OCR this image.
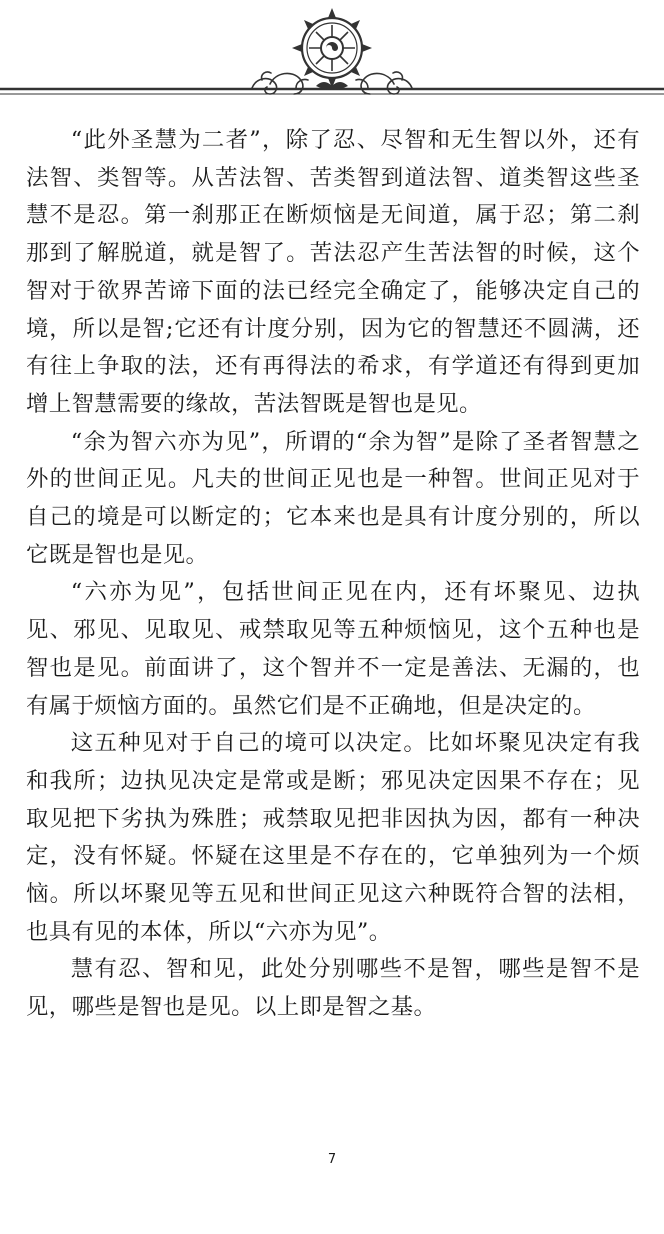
“此外圣慧为二者”，除了忍、尽智和无生智以外，还有法智、类智等。从苦法智、苦类智到道法智、道类智这些圣慧不是忍。第一刹那正在断烦恼是无间道，属于忍；第二刹那到了解脱道，就是智了。苦法忍产生苦法智的时候，这个智对于欲界苦谛下面的法已经完全确定了，能够决定自己的境，所以是智;它还有计度分别，因为它的智慧还不圆满，还有往上争取的法，还有再得法的希求，有学道还有得到更加增上智慧需要的缘故，苦法智既是智也是见。

“余为智六亦为见”，所谓的“余为智”是除了圣者智慧之外的世间正见。凡夫的世间正见也是一种智。世间正见对于自己的境是可以断定的；它本来也是具有计度分别的，所以它既是智也是见。

“六亦为见”，包括世间正见在内，还有坏聚见、边执见、邪见、见取见、戒禁取见等五种烦恼见，这个五种也是智也是见。前面讲了，这个智并不一定是善法、无漏的，也有属于烦恼方面的。虽然它们是不正确地，但是决定的。

这五种见对于自己的境可以决定。比如坏聚见决定有我和我所；边执见决定是常或是断；邪见决定因果不存在；见取见把下劣执为殊胜；戒禁取见把非因执为因，都有一种决定，没有怀疑。怀疑在这里是不存在的，它单独列为一个烦恼。所以坏聚见等五见和世间正见这六种既符合智的法相，也具有见的本体，所以“六亦为见”。

慧有忍、智和见，此处分别哪些不是智，哪些是智不是见，哪些是智也是见。以上即是智之基。

7
